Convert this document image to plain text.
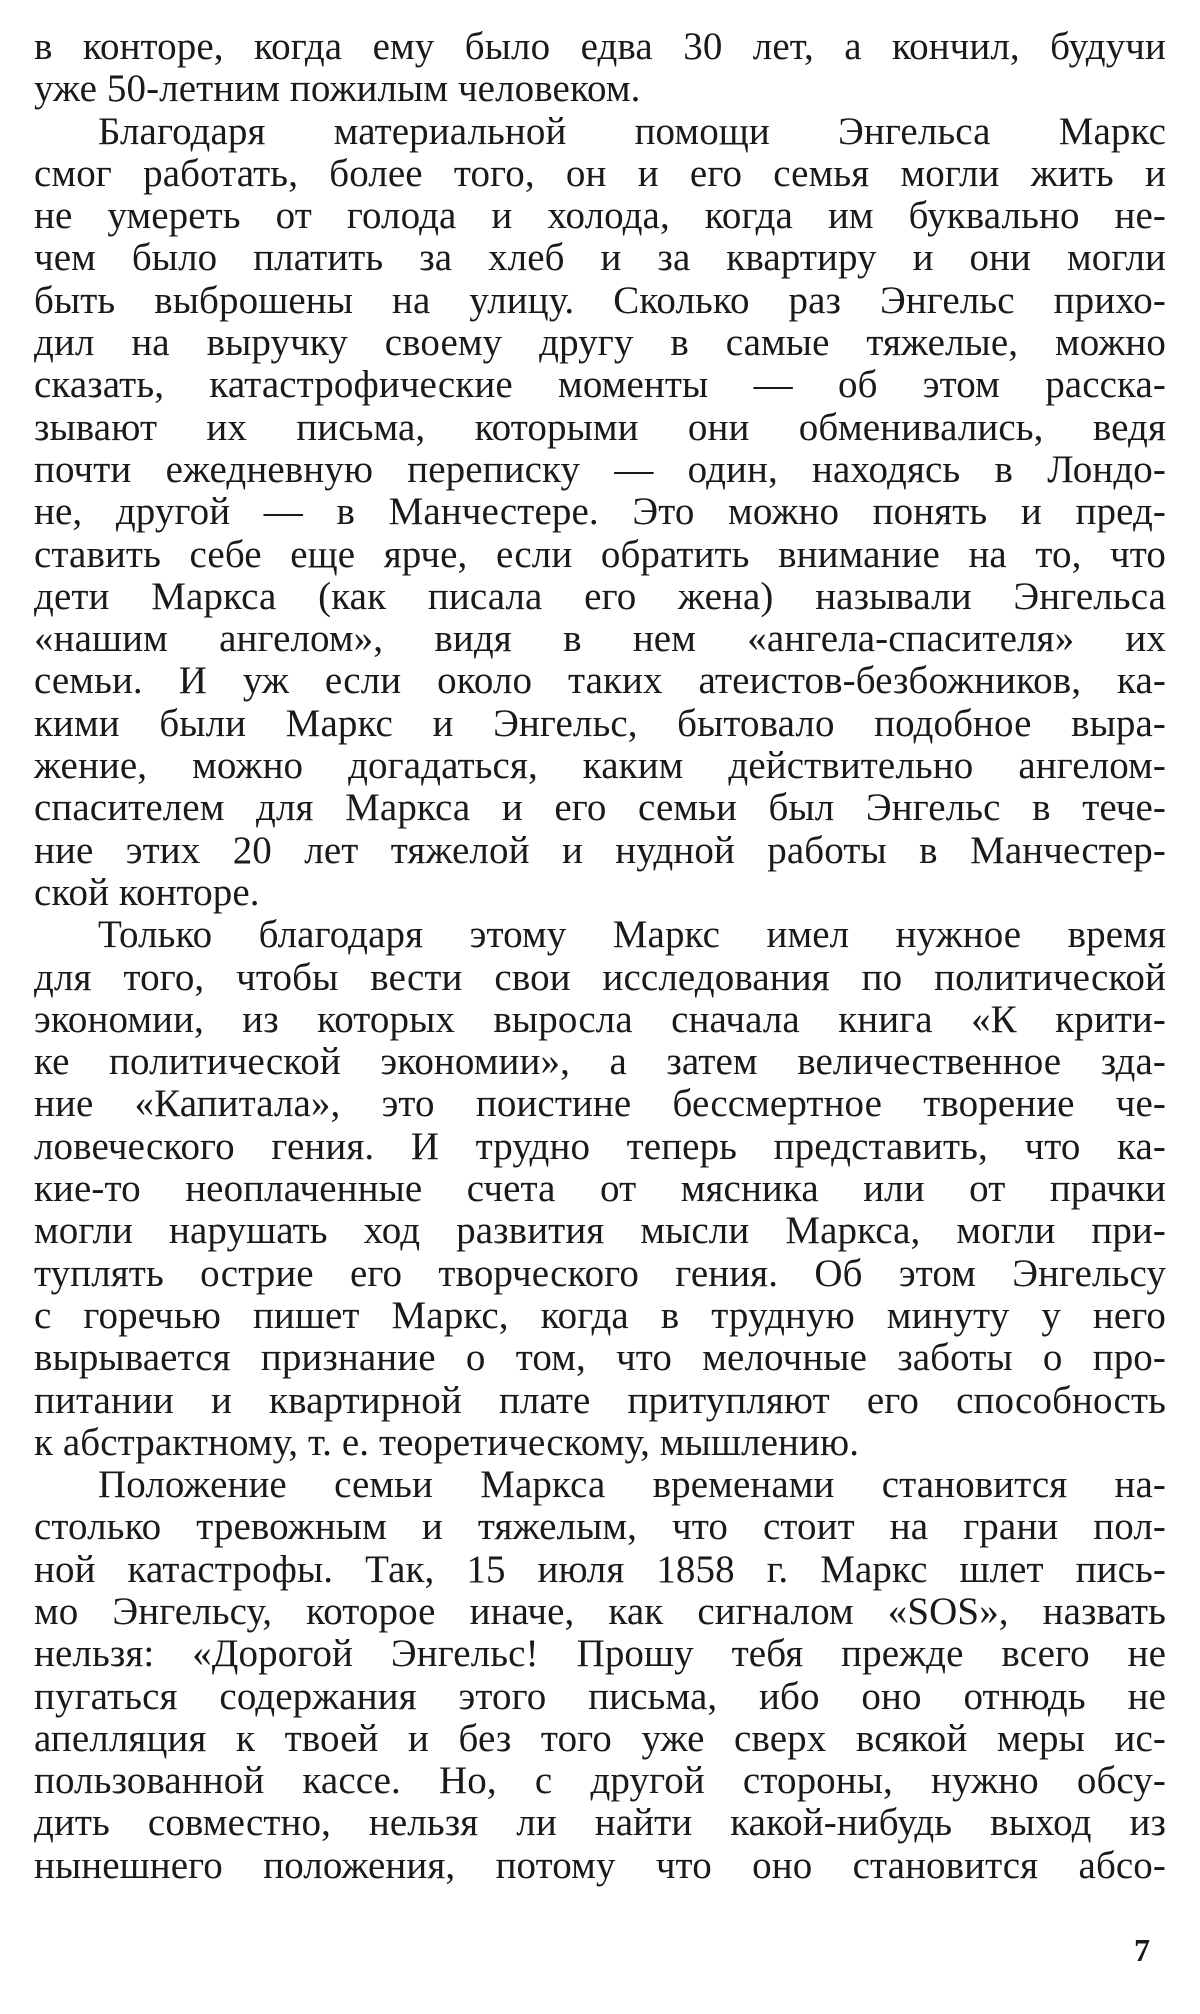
в конторе, когда ему было едва 30 лет, а кончил, будучи
уже 50-летним пожилым человеком.
Благодаря материальной помощи Энгельса Маркс
смог работать, более того, он и его семья могли жить и
не умереть от голода и холода, когда им буквально не-
чем было платить за хлеб и за квартиру и они могли
быть выброшены на улицу. Сколько раз Энгельс прихо-
дил на выручку своему другу в самые тяжелые, можно
сказать, катастрофические моменты — об этом расска-
зывают их письма, которыми они обменивались, ведя
почти ежедневную переписку — один, находясь в Лондо-
не, другой — в Манчестере. Это можно понять и пред-
ставить себе еще ярче, если обратить внимание на то, что
дети Маркса (как писала его жена) называли Энгельса
«нашим ангелом», видя в нем «ангела-спасителя» их
семьи. И уж если около таких атеистов-безбожников, ка-
кими были Маркс и Энгельс, бытовало подобное выра-
жение, можно догадаться, каким действительно ангелом-
спасителем для Маркса и его семьи был Энгельс в тече-
ние этих 20 лет тяжелой и нудной работы в Манчестер-
ской конторе.
Только благодаря этому Маркс имел нужное время
для того, чтобы вести свои исследования по политической
экономии, из которых выросла сначала книга «К крити-
ке политической экономии», а затем величественное зда-
ние «Капитала», это поистине бессмертное творение че-
ловеческого гения. И трудно теперь представить, что ка-
кие-то неоплаченные счета от мясника или от прачки
могли нарушать ход развития мысли Маркса, могли при-
туплять острие его творческого гения. Об этом Энгельсу
с горечью пишет Маркс, когда в трудную минуту у него
вырывается признание о том, что мелочные заботы о про-
питании и квартирной плате притупляют его способность
к абстрактному, т. е. теоретическому, мышлению.
Положение семьи Маркса временами становится на-
столько тревожным и тяжелым, что стоит на грани пол-
ной катастрофы. Так, 15 июля 1858 г. Маркс шлет пись-
мо Энгельсу, которое иначе, как сигналом «SOS», назвать
нельзя: «Дорогой Энгельс! Прошу тебя прежде всего не
пугаться содержания этого письма, ибо оно отнюдь не
апелляция к твоей и без того уже сверх всякой меры ис-
пользованной кассе. Но, с другой стороны, нужно обсу-
дить совместно, нельзя ли найти какой-нибудь выход из
нынешнего положения, потому что оно становится абсо-
7
